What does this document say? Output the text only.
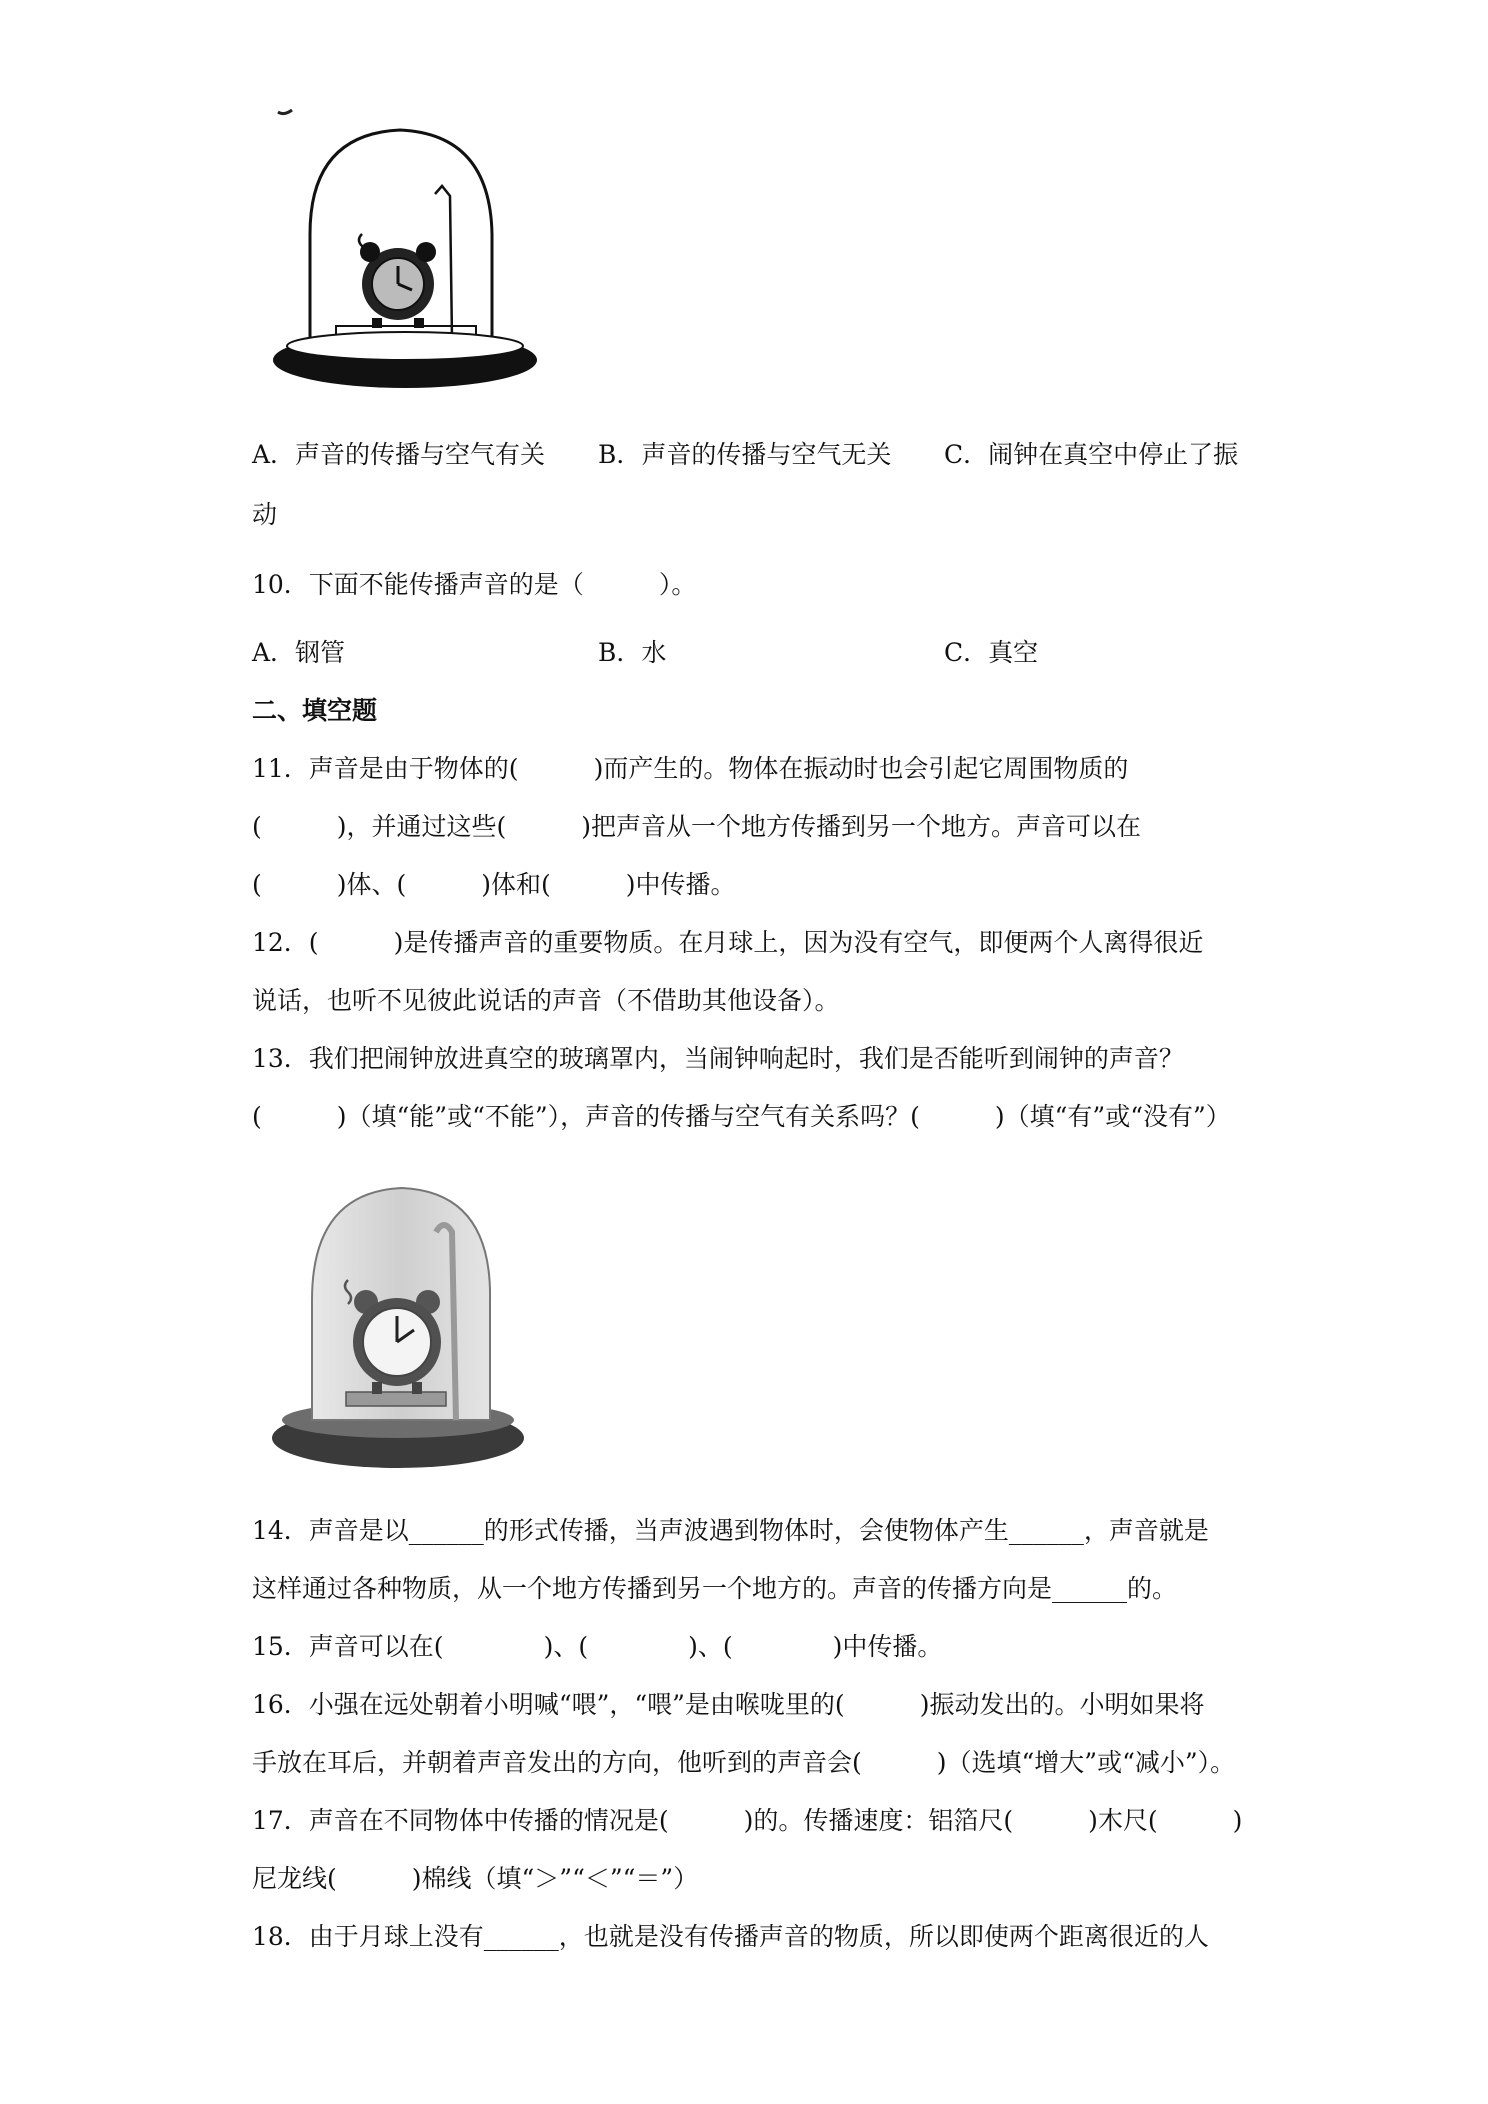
A．声音的传播与空气有关 B．声音的传播与空气无关 C．闹钟在真空中停止了振
动
10．下面不能传播声音的是（　　　）。
A．钢管	B．水	C．真空
二、填空题
11．声音是由于物体的(　　　)而产生的。物体在振动时也会引起它周围物质的
(　　　)，并通过这些(　　　)把声音从一个地方传播到另一个地方。声音可以在
(　　　)体、(　　　)体和(　　　)中传播。
12．(　　　)是传播声音的重要物质。在月球上，因为没有空气，即便两个人离得很近
说话，也听不见彼此说话的声音（不借助其他设备）。
13．我们把闹钟放进真空的玻璃罩内，当闹钟响起时，我们是否能听到闹钟的声音？
(　　　)（填“能”或“不能”），声音的传播与空气有关系吗？(　　　)（填“有”或“没有”）
14．声音是以______的形式传播，当声波遇到物体时，会使物体产生______，声音就是
这样通过各种物质，从一个地方传播到另一个地方的。声音的传播方向是______的。
15．声音可以在(　　　　)、(　　　　)、(　　　　)中传播。
16．小强在远处朝着小明喊“喂”，“喂”是由喉咙里的(　　　)振动发出的。小明如果将
手放在耳后，并朝着声音发出的方向，他听到的声音会(　　　)（选填“增大”或“减小”）。
17．声音在不同物体中传播的情况是(　　　)的。传播速度：铝箔尺(　　　)木尺(　　　)
尼龙线(　　　)棉线（填“＞”“＜”“＝”）
18．由于月球上没有______，也就是没有传播声音的物质，所以即使两个距离很近的人
